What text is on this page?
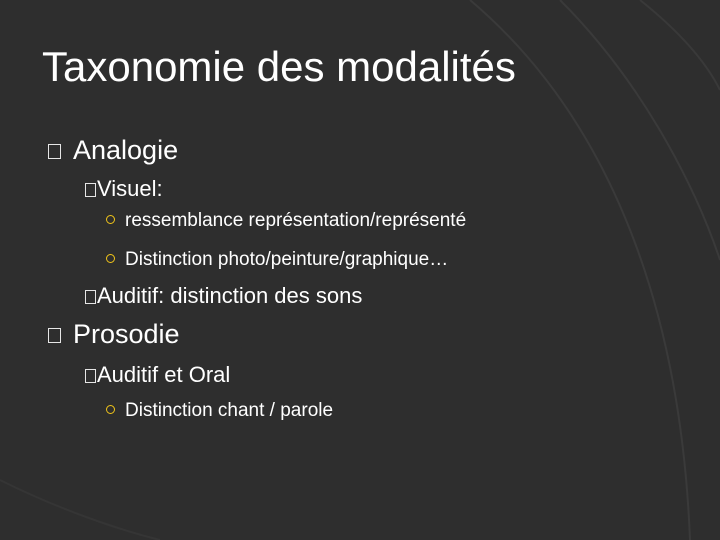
Taxonomie des modalités
Analogie
Visuel:
ressemblance représentation/représenté
Distinction photo/peinture/graphique…
Auditif: distinction des sons
Prosodie
Auditif et Oral
Distinction chant / parole
